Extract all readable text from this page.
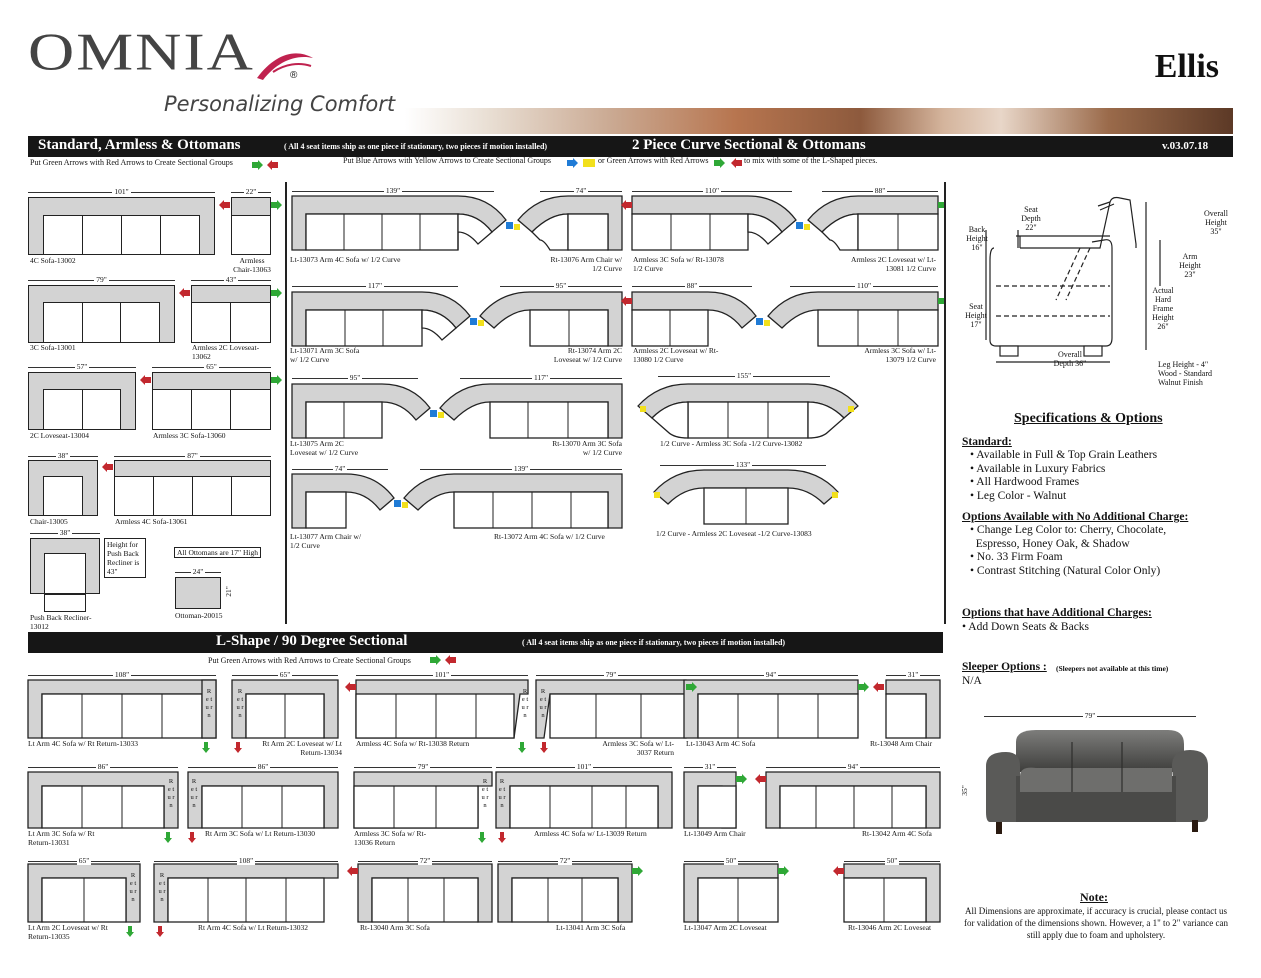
OMNIA	®
Personalizing Comfort
Ellis
Standard, Armless & Ottomans	( All 4 seat items ship as one piece if stationary, two pieces if motion installed)	2 Piece Curve Sectional & Ottomans	v.03.07.18
Put Green Arrows with Red Arrows to Create Sectional Groups	Put Blue Arrows with Yellow Arrows to Create Sectional Groups	or Green Arrows with Red Arrows	to mix with some of the L-Shaped pieces.
101"
4C Sofa-13002
22"
Armless Chair-13063
79"
3C Sofa-13001
43"
Armless 2C Loveseat-13062
57"
2C Loveseat-13004
65"
Armless 3C Sofa-13060
38"
Chair-13005
87"
Armless 4C Sofa-13061
38"
Push Back Recliner-13012
Height for Push Back Recliner is 43"
All Ottomans are 17" High
24"
21"
Ottoman-20015
139"
Lt-13073 Arm 4C Sofa w/ 1/2 Curve
74"
Rt-13076 Arm Chair w/ 1/2 Curve
110"
Armless 3C Sofa w/ Rt-13078 1/2 Curve
88"
Armless 2C Loveseat w/ Lt-13081 1/2 Curve
117"
Lt-13071 Arm 3C Sofa w/ 1/2 Curve
95"
Rt-13074 Arm 2C Loveseat w/ 1/2 Curve
88"
Armless 2C Loveseat w/ Rt-13080 1/2 Curve
110"
Armless 3C Sofa w/ Lt-13079 1/2 Curve
95"
Lt-13075 Arm 2C Loveseat w/ 1/2 Curve
117"
Rt-13070 Arm 3C Sofa w/ 1/2 Curve
155"
1/2 Curve - Armless 3C Sofa -1/2 Curve-13082
74"
Lt-13077 Arm Chair w/ 1/2 Curve
139"
Rt-13072 Arm 4C Sofa w/ 1/2 Curve
133"
1/2 Curve - Armless 2C Loveseat -1/2 Curve-13083
L-Shape / 90 Degree Sectional	( All 4 seat items ship as one piece if stationary, two pieces if motion installed)
Put Green Arrows with Red Arrows to Create Sectional Groups
R e t u r n
R e t u r n
R e t u r n
R e t u r n
R e t u r n
R e t u r n
R e t u r n
R e t u r n
R e t u r n
R e t u r n
108"
Lt Arm 4C Sofa w/ Rt Return-13033
65"
Rt Arm 2C Loveseat w/ Lt Return-13034
101"
Armless 4C Sofa w/ Rt-13038 Return
79"
Armless 3C Sofa w/ Lt-3037 Return
94"
Lt-13043 Arm 4C Sofa
31"
Rt-13048 Arm Chair
86"
Lt Arm 3C Sofa w/ Rt Return-13031
86"
Rt Arm 3C Sofa w/ Lt Return-13030
79"
Armless 3C Sofa w/ Rt-13036 Return
101"
Armless 4C Sofa w/ Lt-13039 Return
31"
Lt-13049 Arm Chair
94"
Rt-13042 Arm 4C Sofa
65"
Lt Arm 2C Loveseat w/ Rt Return-13035
108"
Rt Arm 4C Sofa w/ Lt Return-13032
72"
Rt-13040 Arm 3C Sofa
72"
Lt-13041 Arm 3C Sofa
50"
Lt-13047 Arm 2C Loveseat
50"
Rt-13046 Arm 2C Loveseat
Seat Depth 22"
Back Height 16"
Overall Height 35"
Arm Height 23"
Actual Hard Frame Height 26"
Seat Height 17"
Overall Depth 36"	Leg Height - 4" Wood - Standard Walnut Finish
Specifications & Options
Standard:
• Available in Full & Top Grain Leathers
• Available in Luxury Fabrics
• All Hardwood Frames
• Leg Color - Walnut
Options Available with No Additional Charge:
• Change Leg Color to: Cherry, Chocolate,
Espresso, Honey Oak, & Shadow
• No. 33 Firm Foam
• Contrast Stitching (Natural Color Only)
Options that have Additional Charges:
• Add Down Seats & Backs
Sleeper Options : (Sleepers not available at this time)
N/A
79"
35"
Note:
All Dimensions are approximate, if accuracy is crucial, please contact us for validation of the dimensions shown. However, a 1" to 2" variance can still apply due to foam and upholstery.
